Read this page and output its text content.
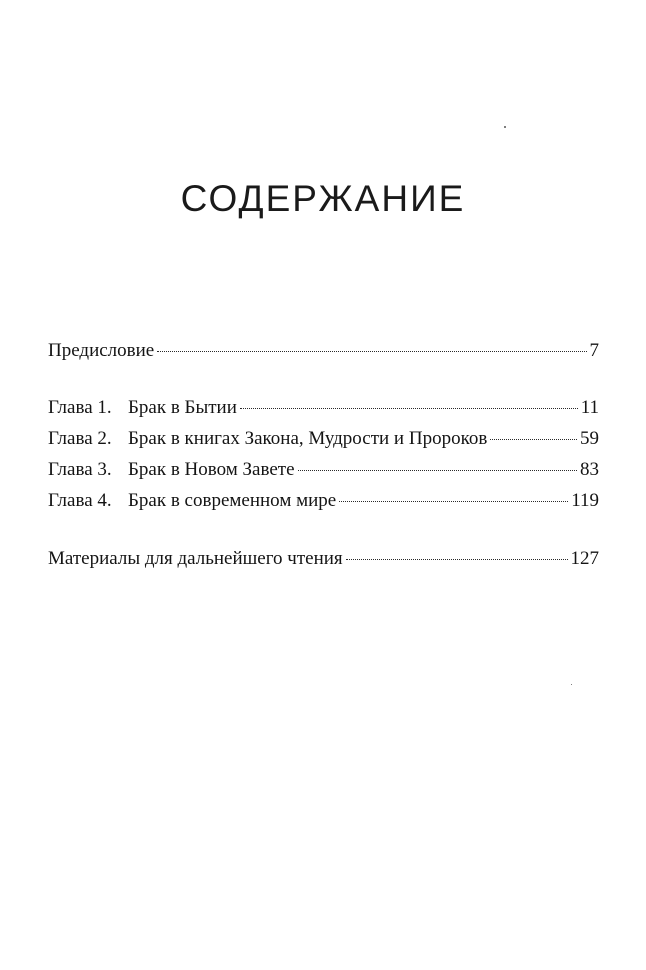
СОДЕРЖАНИЕ
Предисловие	7
Глава 1. Брак в Бытии	11
Глава 2. Брак в книгах Закона, Мудрости и Пророков	59
Глава 3. Брак в Новом Завете	83
Глава 4. Брак в современном мире	119
Материалы для дальнейшего чтения	127
